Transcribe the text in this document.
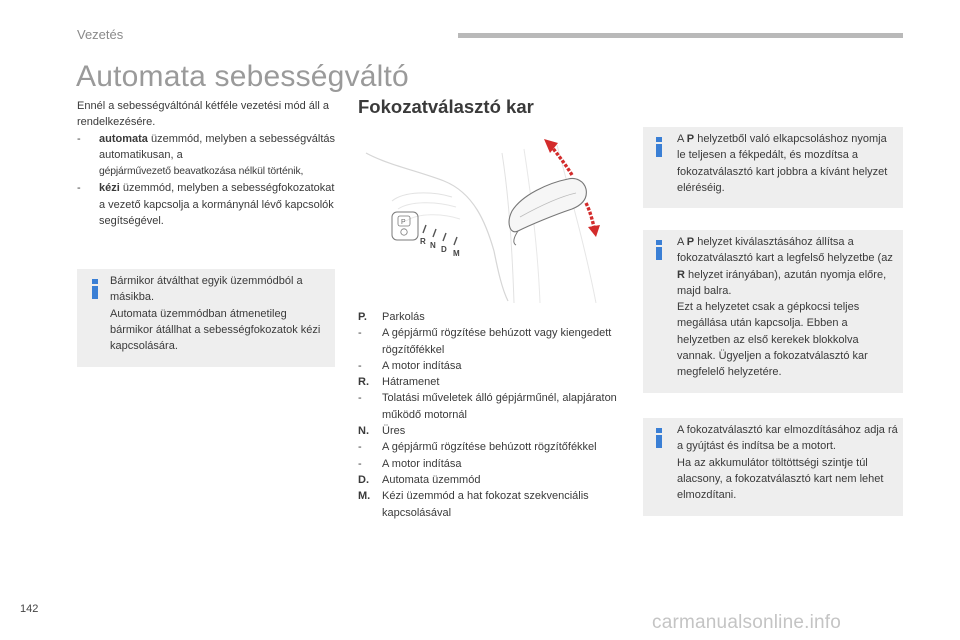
Vezetés
Automata sebességváltó
Ennél a sebességváltónál kétféle vezetési mód áll a rendelkezésére.
-	automata üzemmód, melyben a sebességváltás automatikusan, a
gépjárművezető beavatkozása nélkül történik,
-	kézi üzemmód, melyben a sebességfokozatokat a vezető kapcsolja a kormánynál lévő kapcsolók segítségével.
Bármikor átválthat egyik üzemmódból a másikba.
Automata üzemmódban átmenetileg bármikor átállhat a sebességfokozatok kézi kapcsolására.
Fokozatválasztó kar
P
R N D M
P.	Parkolás
-	A gépjármű rögzítése behúzott vagy kiengedett rögzítőfékkel
-	A motor indítása
R.	Hátramenet
-	Tolatási műveletek álló gépjárműnél, alapjáraton működő motornál
N.	Üres
-	A gépjármű rögzítése behúzott rögzítőfékkel
-	A motor indítása
D.	Automata üzemmód
M.	Kézi üzemmód a hat fokozat szekvenciális kapcsolásával
A P helyzetből való elkapcsoláshoz nyomja le teljesen a fékpedált, és mozdítsa a fokozatválasztó kart jobbra a kívánt helyzet eléréséig.
A P helyzet kiválasztásához állítsa a fokozatválasztó kart a legfelső helyzetbe (az R helyzet irányában), azután nyomja előre, majd balra.
Ezt a helyzetet csak a gépkocsi teljes megállása után kapcsolja. Ebben a helyzetben az első kerekek blokkolva vannak. Ügyeljen a fokozatválasztó kar megfelelő helyzetére.
A fokozatválasztó kar elmozdításához adja rá a gyújtást és indítsa be a motort.
Ha az akkumulátor töltöttségi szintje túl alacsony, a fokozatválasztó kart nem lehet elmozdítani.
142
carmanualsonline.info
